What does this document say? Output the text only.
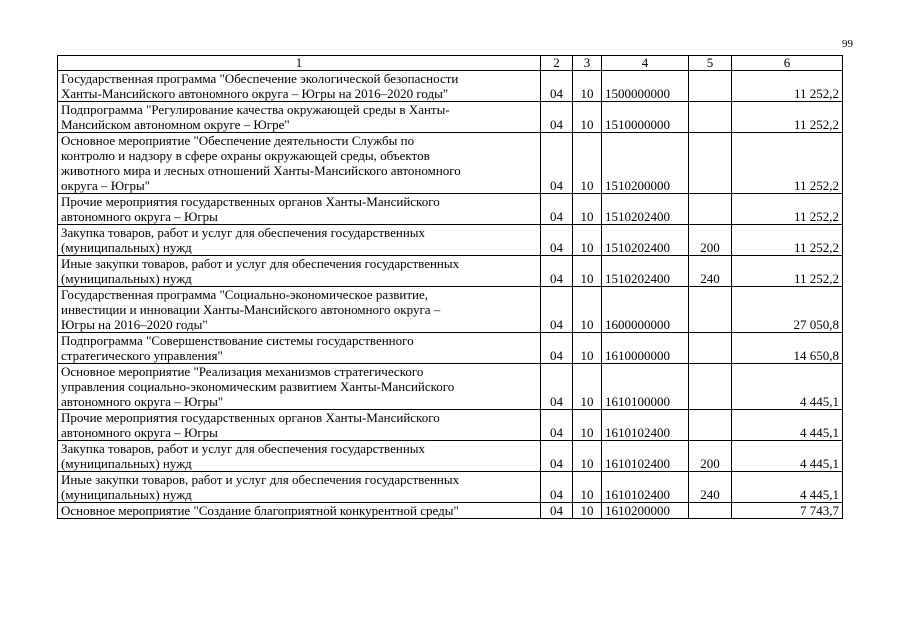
99
1	2	3	4	5	6

Государственная программа "Обеспечение экологической безопасности
Ханты-Мансийского автономного округа – Югры на 2016–2020 годы"	04	10	1500000000		11 252,2

Подпрограмма "Регулирование качества окружающей среды в Ханты-
Мансийском автономном округе – Югре"	04	10	1510000000		11 252,2

Основное мероприятие "Обеспечение деятельности Службы по
контролю и надзору в сфере охраны окружающей среды, объектов
животного мира и лесных отношений Ханты-Мансийского автономного
округа – Югры"	04	10	1510200000		11 252,2

Прочие мероприятия государственных органов Ханты-Мансийского
автономного округа – Югры	04	10	1510202400		11 252,2

Закупка товаров, работ и услуг для обеспечения государственных
(муниципальных) нужд	04	10	1510202400	200	11 252,2

Иные закупки товаров, работ и услуг для обеспечения государственных
(муниципальных) нужд	04	10	1510202400	240	11 252,2

Государственная программа "Социально-экономическое развитие,
инвестиции и инновации Ханты-Мансийского автономного округа –
Югры на 2016–2020 годы"	04	10	1600000000		27 050,8

Подпрограмма "Совершенствование системы государственного
стратегического управления"	04	10	1610000000		14 650,8

Основное мероприятие "Реализация механизмов стратегического
управления социально-экономическим развитием Ханты-Мансийского
автономного округа – Югры"	04	10	1610100000		4 445,1

Прочие мероприятия государственных органов Ханты-Мансийского
автономного округа – Югры	04	10	1610102400		4 445,1

Закупка товаров, работ и услуг для обеспечения государственных
(муниципальных) нужд	04	10	1610102400	200	4 445,1

Иные закупки товаров, работ и услуг для обеспечения государственных
(муниципальных) нужд	04	10	1610102400	240	4 445,1

Основное мероприятие "Создание благоприятной конкурентной среды"	04	10	1610200000		7 743,7
